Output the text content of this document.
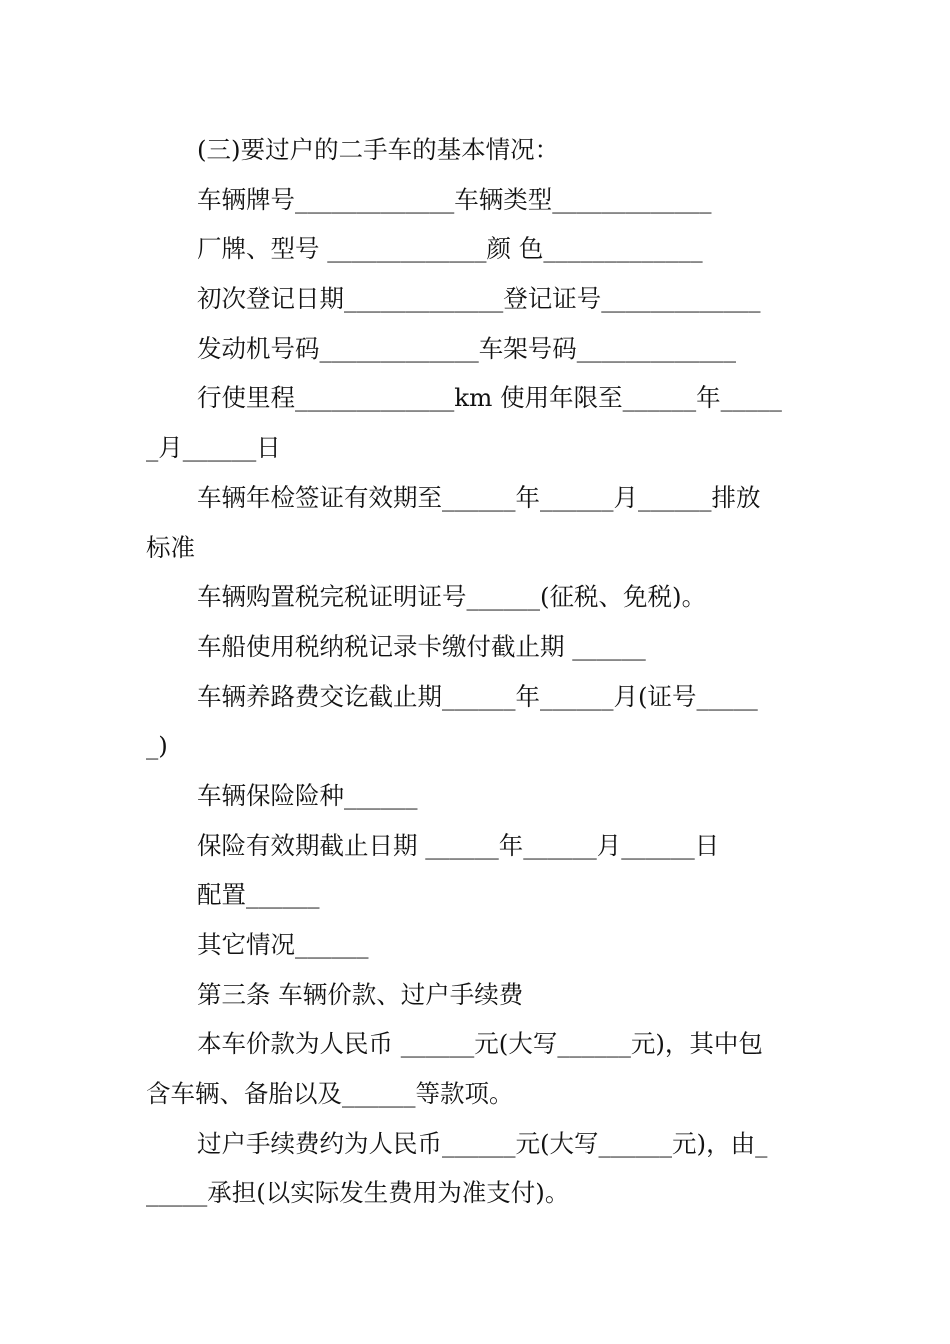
(三)要过户的二手车的基本情况：
车辆牌号_____________车辆类型_____________
厂牌、型号 _____________颜 色_____________
初次登记日期_____________登记证号_____________
发动机号码_____________车架号码_____________
行使里程_____________km 使用年限至______年_____
_月______日
车辆年检签证有效期至______年______月______排放
标准
车辆购置税完税证明证号______(征税、免税)。
车船使用税纳税记录卡缴付截止期 ______
车辆养路费交讫截止期______年______月(证号_____
_)
车辆保险险种______
保险有效期截止日期 ______年______月______日
配置______
其它情况______
第三条 车辆价款、过户手续费
本车价款为人民币 ______元(大写______元)，其中包
含车辆、备胎以及______等款项。
过户手续费约为人民币______元(大写______元)，由_
_____承担(以实际发生费用为准支付)。
